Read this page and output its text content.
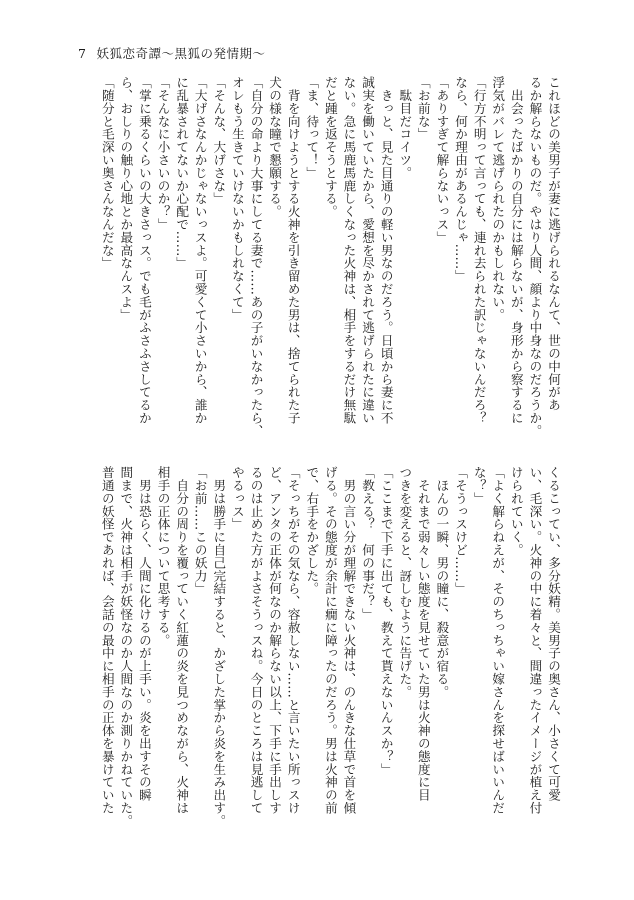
7 妖狐恋奇譚〜黒狐の発情期〜
これほどの美男子が妻に逃げられるなんて、世の中何があ
るか解らないものだ。やはり人間、顔より中身なのだろうか。
　出会ったばかりの自分には解らないが、身形から察するに
浮気がバレて逃げられたのかもしれない。
「行方不明って言っても、連れ去られた訳じゃないんだろ？
なら、何か理由があるんじゃ……」
「ありすぎて解らないっス」
「お前な」
　駄目だコイツ。
　きっと、見た目通りの軽い男なのだろう。日頃から妻に不
誠実を働いていたから、愛想を尽かされて逃げられたに違い
ない。急に馬鹿馬鹿しくなった火神は、相手をするだけ無駄
だと踵を返そうとする。
「ま、待って！」
　背を向けようとする火神を引き留めた男は、捨てられた子
犬の様な瞳で懇願する。
「自分の命より大事にしてる妻で……あの子がいなかったら、
オレもう生きていけないかもしれなくて」
「そんな、大げさな」
「大げさなんかじゃないっスよ。可愛くて小さいから、誰か
に乱暴されてないか心配で……」
「そんなに小さいのか？」
「掌に乗るくらいの大きさっス。でも毛がふさふさしてるか
ら、おしりの触り心地とか最高なんスよ」
「随分と毛深い奥さんなんだな」
くるこってい、多分妖精。美男子の奥さん、小さくて可愛
い、毛深い。火神の中に着々と、間違ったイメージが植え付
けられていく。
「よく解らねえが、そのちっちゃい嫁さんを探せばいいんだ
な？」
「そうっスけど……」
　ほんの一瞬、男の瞳に、殺意が宿る。
　それまで弱々しい態度を見せていた男は火神の態度に目
つきを変えると、訝しむように告げた。
「ここまで下手に出ても、教えて貰えないんスか？」
「教える？　何の事だ？」
　男の言い分が理解できない火神は、のんきな仕草で首を傾
げる。その態度が余計に癇に障ったのだろう。男は火神の前
で、右手をかざした。
「そっちがその気なら、容赦しない……と言いたい所っスけ
ど、アンタの正体が何なのか解らない以上、下手に手出しす
るのは止めた方がよさそうっスね。今日のところは見逃して
やるっス」
　男は勝手に自己完結すると、かざした掌から炎を生み出す。
「お前……この妖力」
　自分の周りを覆っていく紅蓮の炎を見つめながら、火神は
相手の正体について思考する。
　男は恐らく、人間に化けるのが上手い。炎を出すその瞬
間まで、火神は相手が妖怪なのか人間なのか測りかねていた。
普通の妖怪であれば、会話の最中に相手の正体を暴けていた
